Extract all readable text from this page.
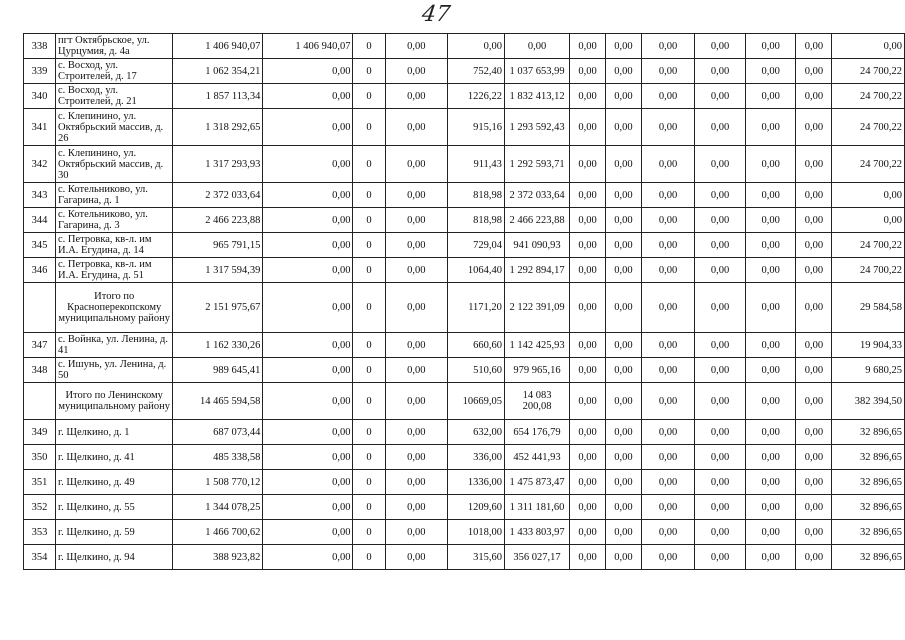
47
338	пгт Октябрьское, ул. Цурцумия, д. 4а	1 406 940,07	1 406 940,07	0	0,00	0,00	0,00	0,00	0,00	0,00	0,00	0,00	0,00	0,00
339	с. Восход, ул. Строителей, д. 17	1 062 354,21	0,00	0	0,00	752,40	1 037 653,99	0,00	0,00	0,00	0,00	0,00	0,00	24 700,22
340	с. Восход, ул. Строителей, д. 21	1 857 113,34	0,00	0	0,00	1226,22	1 832 413,12	0,00	0,00	0,00	0,00	0,00	0,00	24 700,22
341	с. Клепинино, ул. Октябрьский массив, д. 26	1 318 292,65	0,00	0	0,00	915,16	1 293 592,43	0,00	0,00	0,00	0,00	0,00	0,00	24 700,22
342	с. Клепинино, ул. Октябрьский массив, д. 30	1 317 293,93	0,00	0	0,00	911,43	1 292 593,71	0,00	0,00	0,00	0,00	0,00	0,00	24 700,22
343	с. Котельниково, ул. Гагарина, д. 1	2 372 033,64	0,00	0	0,00	818,98	2 372 033,64	0,00	0,00	0,00	0,00	0,00	0,00	0,00
344	с. Котельниково, ул. Гагарина, д. 3	2 466 223,88	0,00	0	0,00	818,98	2 466 223,88	0,00	0,00	0,00	0,00	0,00	0,00	0,00
345	с. Петровка, кв-л. им И.А. Егудина, д. 14	965 791,15	0,00	0	0,00	729,04	941 090,93	0,00	0,00	0,00	0,00	0,00	0,00	24 700,22
346	с. Петровка, кв-л. им И.А. Егудина, д. 51	1 317 594,39	0,00	0	0,00	1064,40	1 292 894,17	0,00	0,00	0,00	0,00	0,00	0,00	24 700,22
	Итого по Красноперекопскому муниципальному району	2 151 975,67	0,00	0	0,00	1171,20	2 122 391,09	0,00	0,00	0,00	0,00	0,00	0,00	29 584,58
347	с. Войнка, ул. Ленина, д. 41	1 162 330,26	0,00	0	0,00	660,60	1 142 425,93	0,00	0,00	0,00	0,00	0,00	0,00	19 904,33
348	с. Ишунь, ул. Ленина, д. 50	989 645,41	0,00	0	0,00	510,60	979 965,16	0,00	0,00	0,00	0,00	0,00	0,00	9 680,25
	Итого по Ленинскому муниципальному району	14 465 594,58	0,00	0	0,00	10669,05	14 083 200,08	0,00	0,00	0,00	0,00	0,00	0,00	382 394,50
349	г. Щелкино, д. 1	687 073,44	0,00	0	0,00	632,00	654 176,79	0,00	0,00	0,00	0,00	0,00	0,00	32 896,65
350	г. Щелкино, д. 41	485 338,58	0,00	0	0,00	336,00	452 441,93	0,00	0,00	0,00	0,00	0,00	0,00	32 896,65
351	г. Щелкино, д. 49	1 508 770,12	0,00	0	0,00	1336,00	1 475 873,47	0,00	0,00	0,00	0,00	0,00	0,00	32 896,65
352	г. Щелкино, д. 55	1 344 078,25	0,00	0	0,00	1209,60	1 311 181,60	0,00	0,00	0,00	0,00	0,00	0,00	32 896,65
353	г. Щелкино, д. 59	1 466 700,62	0,00	0	0,00	1018,00	1 433 803,97	0,00	0,00	0,00	0,00	0,00	0,00	32 896,65
354	г. Щелкино, д. 94	388 923,82	0,00	0	0,00	315,60	356 027,17	0,00	0,00	0,00	0,00	0,00	0,00	32 896,65
